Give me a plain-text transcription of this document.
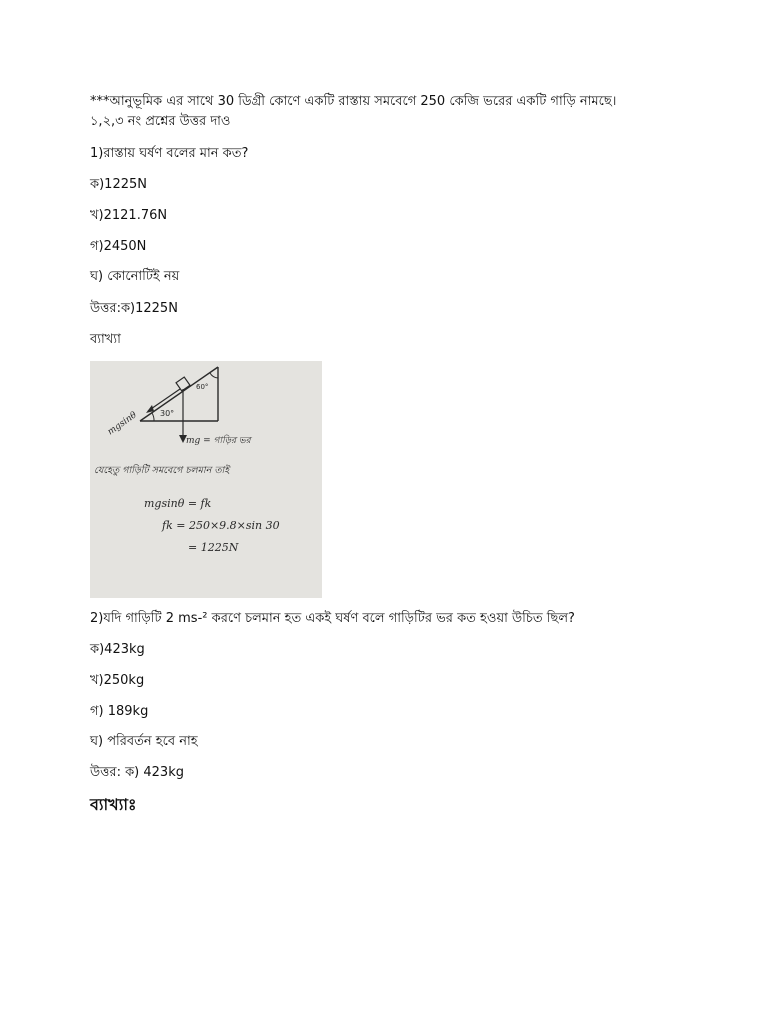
***আনুভূমিক এর সাথে 30 ডিগ্রী কোণে একটি রাস্তায় সমবেগে 250 কেজি ভরের একটি গাড়ি নামছে।
১,২,৩ নং প্রশ্নের উত্তর দাও
1)রাস্তায় ঘর্ষণ বলের মান কত?
ক)1225N
খ)2121.76N
গ)2450N
ঘ) কোনোটিই নয়
উত্তর:ক)1225N
ব্যাখ্যা
30°
60°
mgsinθ
mg = গাড়ির ভর
যেহেতু গাড়িটি সমবেগে চলমান তাই
mgsinθ = fk
fk = 250×9.8×sin 30
= 1225N
2)যদি গাড়িটি 2 ms-² করণে চলমান হত একই ঘর্ষণ বলে গাড়িটির ভর কত হওয়া উচিত ছিল?
ক)423kg
খ)250kg
গ) 189kg
ঘ) পরিবর্তন হবে নাহ
উত্তর: ক) 423kg
ব্যাখ্যাঃ
